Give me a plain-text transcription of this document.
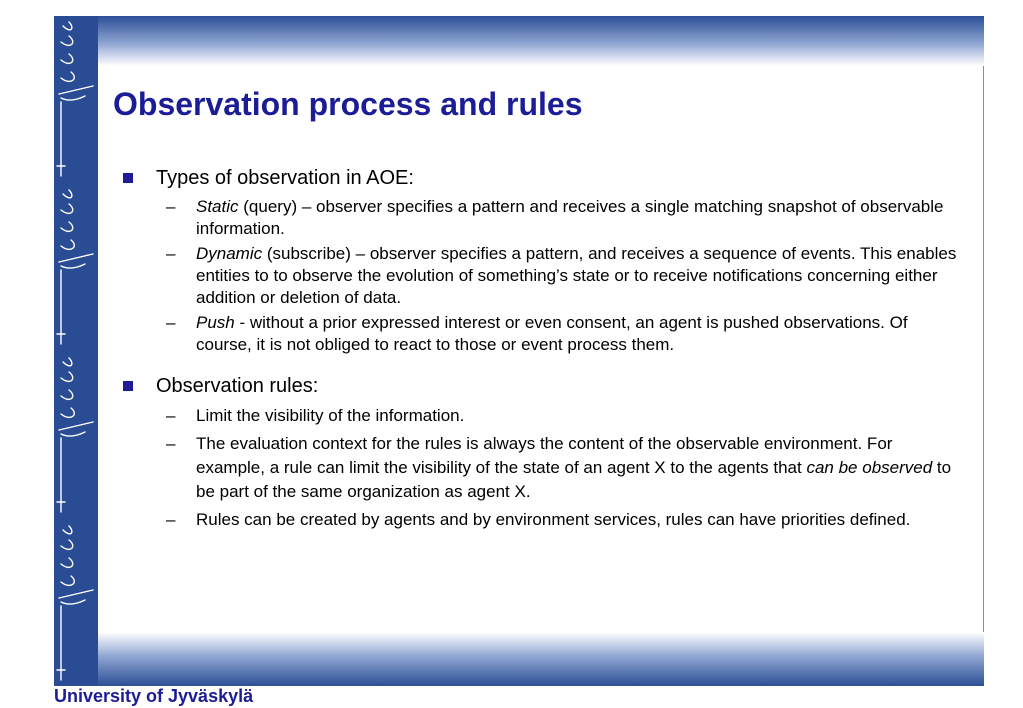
Observation process and rules
Types of observation in AOE:
– Static (query) – observer specifies a pattern and receives a single matching snapshot of observable information.
– Dynamic (subscribe) – observer specifies a pattern, and receives a sequence of events. This enables entities to to observe the evolution of something’s state or to receive notifications concerning either addition or deletion of data.
– Push - without a prior expressed interest or even consent, an agent is pushed observations. Of course, it is not obliged to react to those or event process them.
Observation rules:
– Limit the visibility of the information.
– The evaluation context for the rules is always the content of the observable environment. For example, a rule can limit the visibility of the state of an agent X to the agents that can be observed to be part of the same organization as agent X.
– Rules can be created by agents and by environment services, rules can have priorities defined.
University of Jyväskylä
